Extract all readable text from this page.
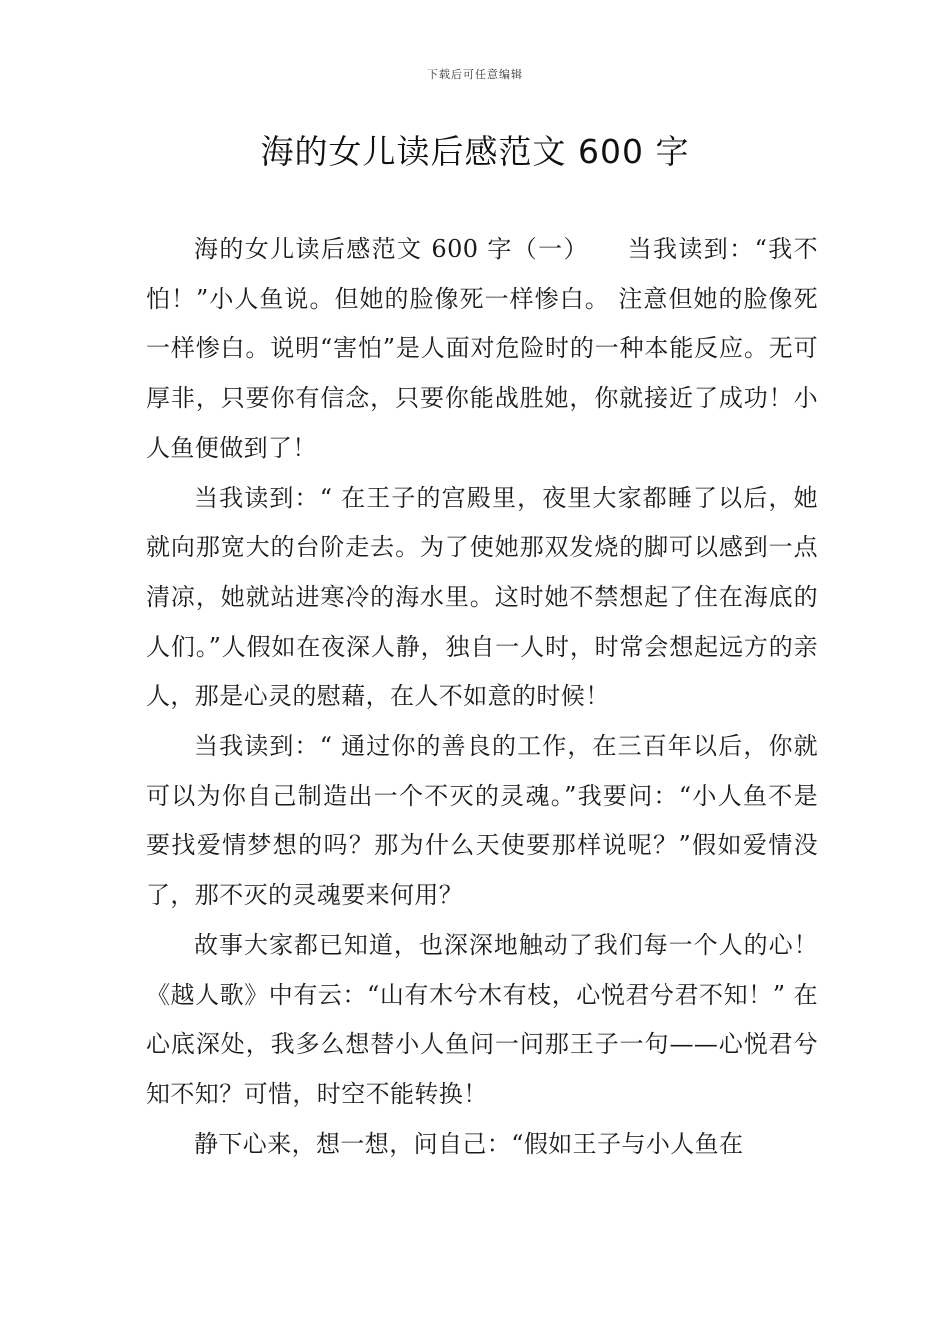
下载后可任意编辑
海的女儿读后感范文 600 字

海的女儿读后感范文 600 字（一）　　当我读到：“我不怕！”小人鱼说。但她的脸像死一样惨白。 注意但她的脸像死一样惨白。说明“害怕”是人面对危险时的一种本能反应。无可厚非，只要你有信念，只要你能战胜她，你就接近了成功！小人鱼便做到了！

当我读到：“ 在王子的宫殿里，夜里大家都睡了以后，她就向那宽大的台阶走去。为了使她那双发烧的脚可以感到一点清凉，她就站进寒冷的海水里。这时她不禁想起了住在海底的人们。”人假如在夜深人静，独自一人时，时常会想起远方的亲人，那是心灵的慰藉，在人不如意的时候！

当我读到：“ 通过你的善良的工作，在三百年以后，你就可以为你自己制造出一个不灭的灵魂。”我要问：“小人鱼不是要找爱情梦想的吗？那为什么天使要那样说呢？”假如爱情没了，那不灭的灵魂要来何用？

故事大家都已知道，也深深地触动了我们每一个人的心！《越人歌》中有云：“山有木兮木有枝，心悦君兮君不知！” 在心底深处，我多么想替小人鱼问一问那王子一句——心悦君兮知不知？可惜，时空不能转换！

静下心来，想一想，问自己：“假如王子与小人鱼在
